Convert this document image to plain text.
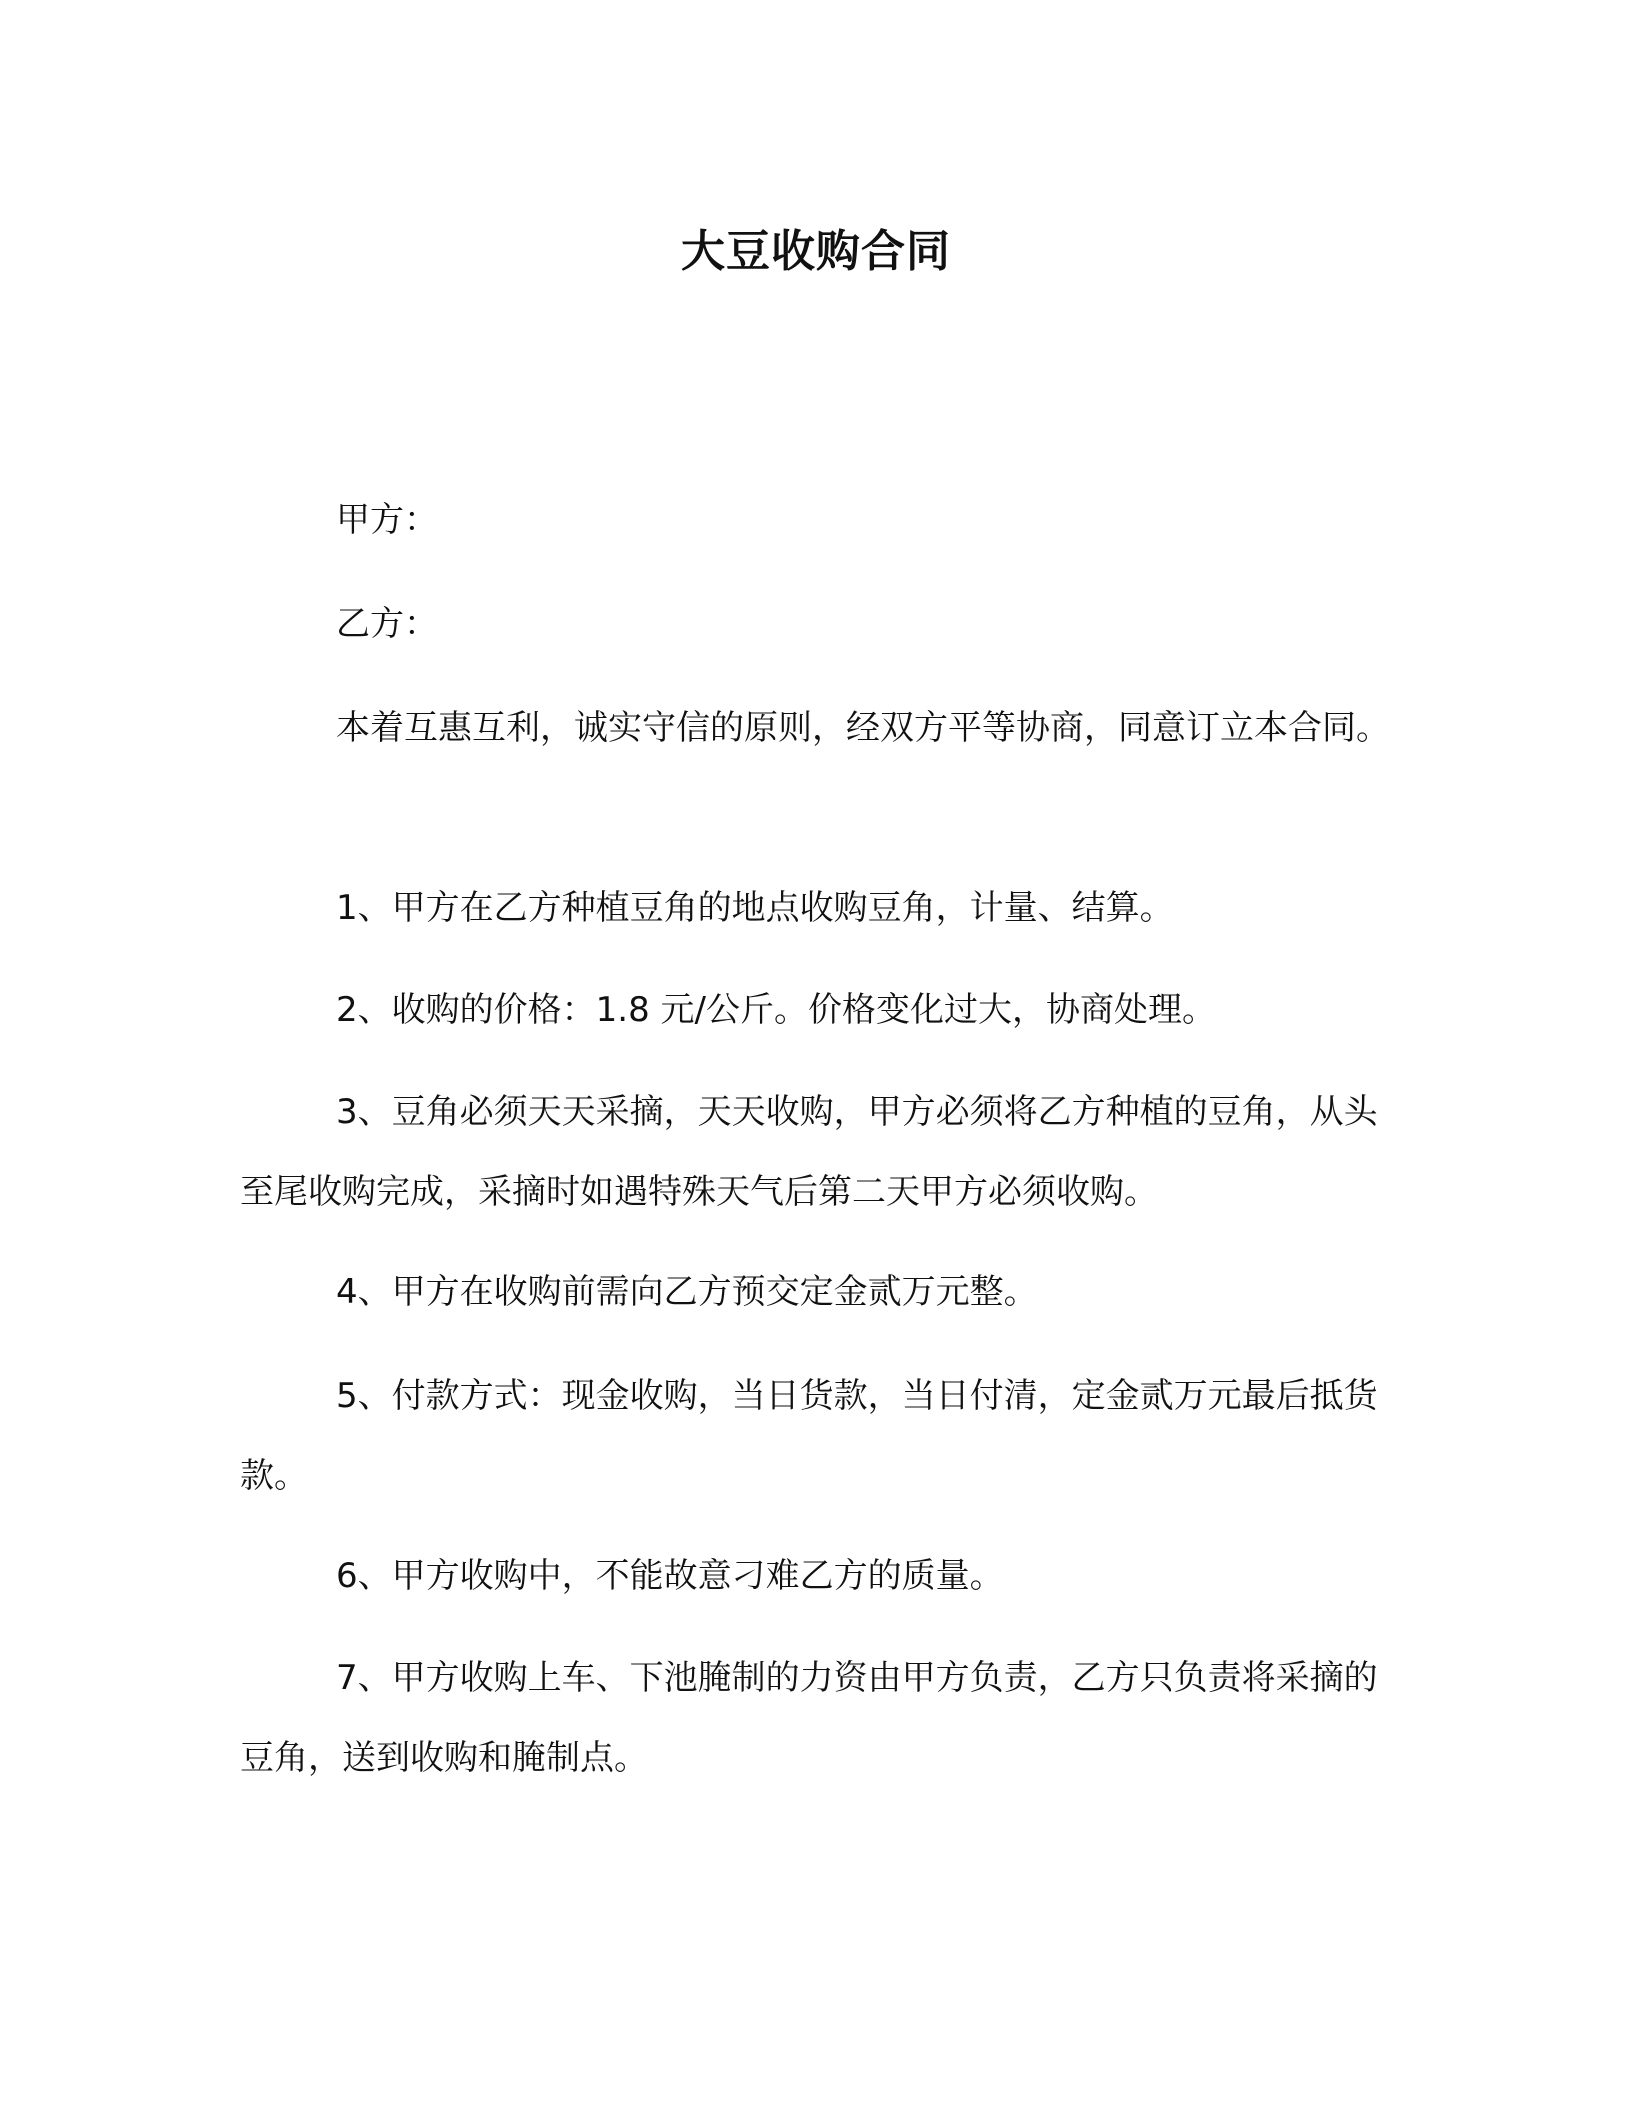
大豆收购合同

甲方：

乙方：

本着互惠互利，诚实守信的原则，经双方平等协商，同意订立本合同。

1、甲方在乙方种植豆角的地点收购豆角，计量、结算。

2、收购的价格：1.8 元/公斤。价格变化过大，协商处理。

3、豆角必须天天采摘，天天收购，甲方必须将乙方种植的豆角，从头至尾收购完成，采摘时如遇特殊天气后第二天甲方必须收购。

4、甲方在收购前需向乙方预交定金贰万元整。

5、付款方式：现金收购，当日货款，当日付清，定金贰万元最后抵货款。

6、甲方收购中，不能故意刁难乙方的质量。

7、甲方收购上车、下池腌制的力资由甲方负责，乙方只负责将采摘的豆角，送到收购和腌制点。
